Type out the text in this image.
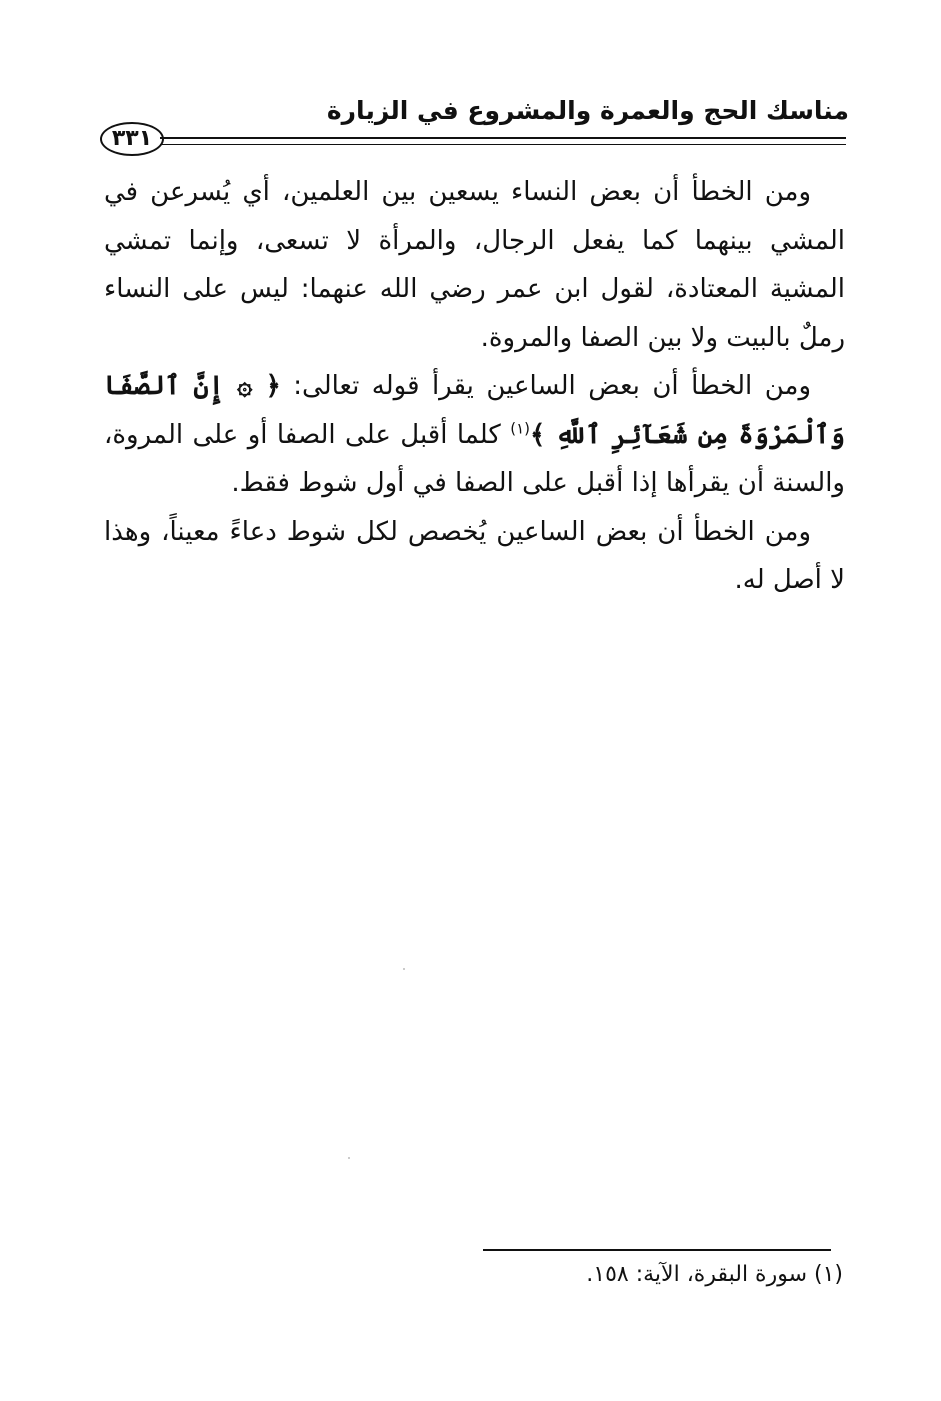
مناسك الحج والعمرة والمشروع في الزيارة
٣٣١

ومن الخطأ أن بعض النساء يسعين بين العلمين، أي يُسرعن في المشي بينهما كما يفعل الرجال، والمرأة لا تسعى، وإنما تمشي المشية المعتادة، لقول ابن عمر رضي الله عنهما: ليس على النساء رملٌ بالبيت ولا بين الصفا والمروة.

ومن الخطأ أن بعض الساعين يقرأ قوله تعالى: ﴿ ۞ إِنَّ ٱلصَّفَا وَٱلْمَرْوَةَ مِن شَعَآئِرِ ٱللَّهِ ﴾$^{(١)}$ كلما أقبل على الصفا أو على المروة، والسنة أن يقرأها إذا أقبل على الصفا في أول شوط فقط.

ومن الخطأ أن بعض الساعين يُخصص لكل شوط دعاءً معيناً، وهذا لا أصل له.

(١) سورة البقرة، الآية: ١٥٨.
